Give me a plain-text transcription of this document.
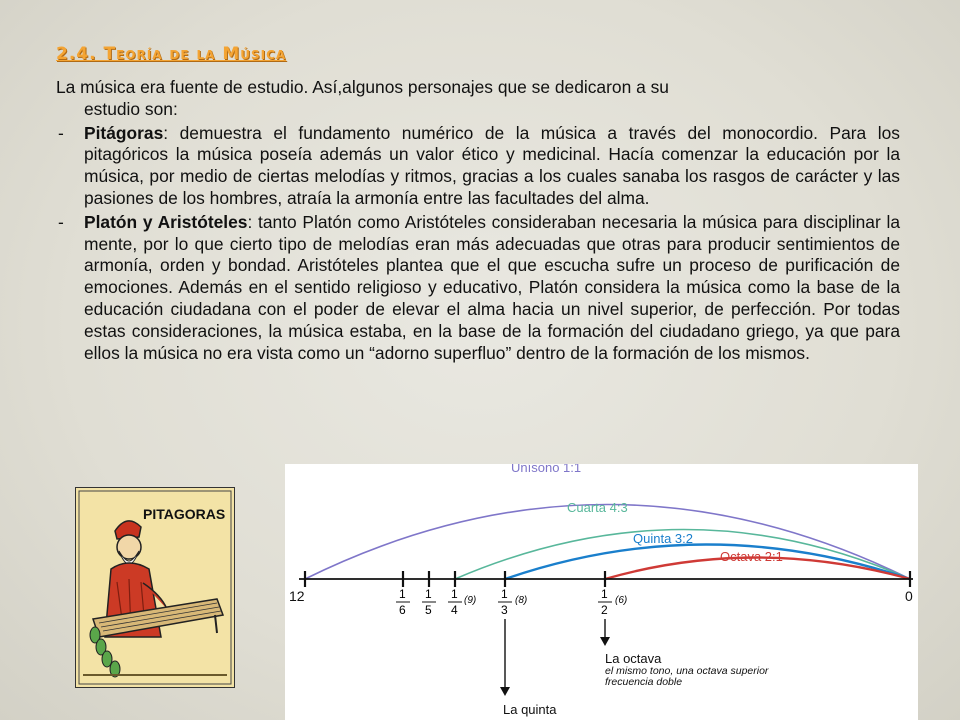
2.4. Teoría de la Música
La música era fuente de estudio. Así,algunos personajes que se dedicaron a su
estudio son:
- Pitágoras: demuestra el fundamento numérico de la música a través del monocordio. Para los pitagóricos la música poseía además un valor ético y medicinal. Hacía comenzar la educación por la música, por medio de ciertas melodías y ritmos, gracias a los cuales sanaba los rasgos de carácter y las pasiones de los hombres, atraía la armonía entre las facultades del alma.
- Platón y Aristóteles: tanto Platón como Aristóteles consideraban necesaria la música para disciplinar la mente, por lo que cierto tipo de melodías eran más adecuadas que otras para producir sentimientos de armonía, orden y bondad. Aristóteles plantea que el que escucha sufre un proceso de purificación de emociones. Además en el sentido religioso y educativo, Platón considera la música como la base de la educación ciudadana con el poder de elevar el alma hacia un nivel superior, de perfección. Por todas estas consideraciones, la música estaba, en la base de la formación del ciudadano griego, ya que para ellos la música no era vista como un “adorno superfluo” dentro de la formación de los mismos.
PITAGORAS
Unísono 1:1
Cuarta 4:3
Quinta 3:2
Octava 2:1
12	0
1
6
1
5
1
4
(9) 1
3
(8)	1
2
(6)
La octava
el mismo tono, una octava superior
frecuencia doble
La quinta
